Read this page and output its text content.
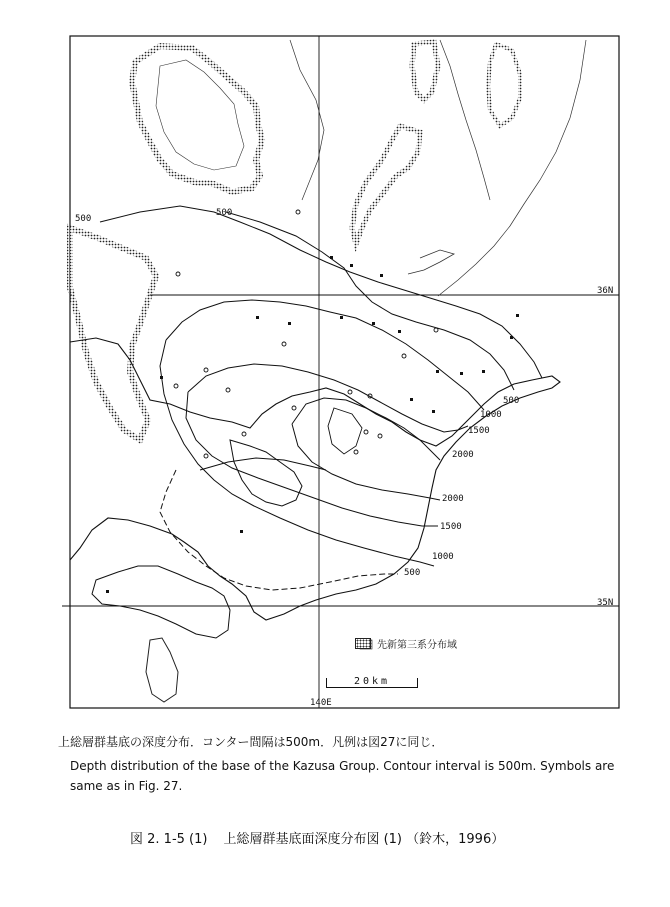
500
500
500
1000
1500
2000
2000
1500
1000
500
36N
35N
140E
先新第三系分布域
20km
上総層群基底の深度分布．コンター間隔は500m．凡例は図27に同じ．
Depth distribution of the base of the Kazusa Group. Contour interval is 500m. Symbols are same as in Fig. 27.
図 2. 1-5 (1) 上総層群基底面深度分布図 (1) （鈴木，1996）
